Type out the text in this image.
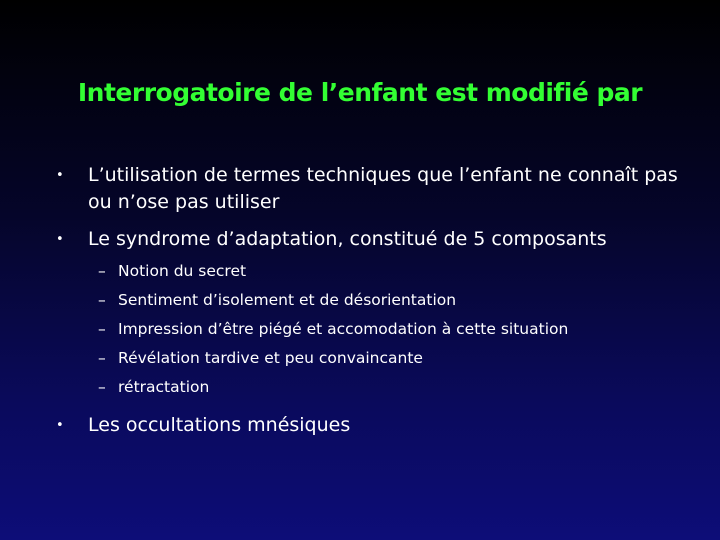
Interrogatoire de l’enfant est modifié par
• L’utilisation de termes techniques que l’enfant ne connaît pas ou n’ose pas utiliser
• Le syndrome d’adaptation, constitué de 5 composants
– Notion du secret
– Sentiment d’isolement et de désorientation
– Impression d’être piégé et accomodation à cette situation
– Révélation tardive et peu convaincante
– rétractation
• Les occultations mnésiques
